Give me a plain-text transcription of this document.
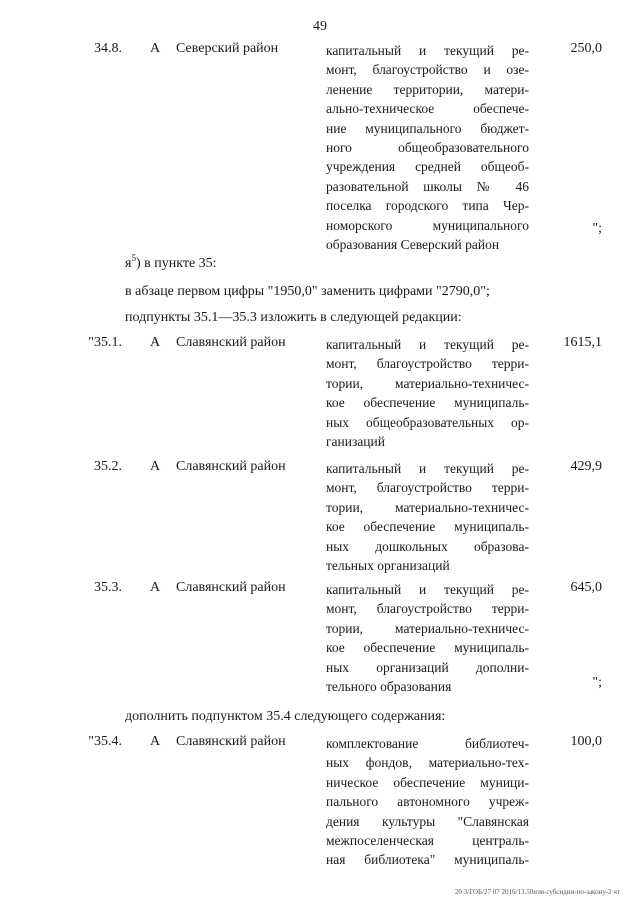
49
34.8. А Северский район	капитальный и текущий ре-
монт, благоустройство и озе-
ленение территории, матери-
ально-техническое обеспече-
ние муниципального бюджет-
ного общеобразовательного
учреждения средней общеоб-
разовательной школы № 46
поселка городского типа Чер-
номорского муниципального
образования Северский район
250,0
";
$я^5$) в пункте 35:
в абзаце первом цифры "1950,0" заменить цифрами "2790,0";
подпункты 35.1—35.3 изложить в следующей редакции:
"35.1. А Славянский район	капитальный и текущий ре-
монт, благоустройство терри-
тории, материально-техничес-
кое обеспечение муниципаль-
ных общеобразовательных ор-
ганизаций
1615,1
35.2. А Славянский район	капитальный и текущий ре-
монт, благоустройство терри-
тории, материально-техничес-
кое обеспечение муниципаль-
ных дошкольных образова-
тельных организаций
429,9
35.3. А Славянский район	капитальный и текущий ре-
монт, благоустройство терри-
тории, материально-техничес-
кое обеспечение муниципаль-
ных организаций дополни-
тельного образования
645,0
";
дополнить подпунктом 35.4 следующего содержания:
"35.4. А Славянский район	комплектование библиотеч-
ных фондов, материально-тех-
ническое обеспечение муници-
пального автономного учреж-
дения культуры "Славянская
межпоселенческая централь-
ная библиотека" муниципаль-
100,0
20 3/ГОБ/27 07 2016/13.50изм-субсидии-по-закону-2 чт
